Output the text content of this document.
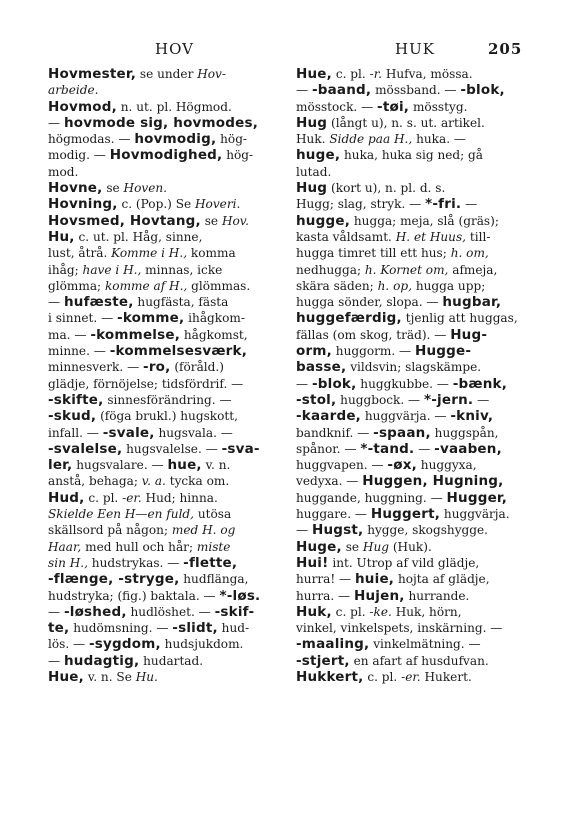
HOV	HUK	205
Hovmester, se under Hov-
arbeide.
Hovmod, n. ut. pl. Högmod.
— hovmode sig, hovmodes,
högmodas. — hovmodig, hög-
modig. — Hovmodighed, hög-
mod.
Hovne, se Hoven.
Hovning, c. (Pop.) Se Hoveri.
Hovsmed, Hovtang, se Hov.
Hu, c. ut. pl. Håg, sinne,
lust, åtrå. Komme i H., komma
ihåg; have i H., minnas, icke
glömma; komme af H., glömmas.
— hufæste, hugfästa, fästa
i sinnet. — -komme, ihågkom-
ma. — -kommelse, hågkomst,
minne. — -kommelsesværk,
minnesverk. — -ro, (föråld.)
glädje, förnöjelse; tidsfördrif. —
-skifte, sinnesförändring. —
-skud, (föga brukl.) hugskott,
infall. — -svale, hugsvala. —
-svalelse, hugsvalelse. — -sva-
ler, hugsvalare. — hue, v. n.
anstå, behaga; v. a. tycka om.
Hud, c. pl. -er. Hud; hinna.
Skielde Een H—en fuld, utösa
skällsord på någon; med H. og
Haar, med hull och hår; miste
sin H., hudstrykas. — -flette,
-flænge, -stryge, hudflänga,
hudstryka; (fig.) baktala. — *-løs.
— -løshed, hudlöshet. — -skif-
te, hudömsning. — -slidt, hud-
lös. — -sygdom, hudsjukdom.
— hudagtig, hudartad.
Hue, v. n. Se Hu.
Hue, c. pl. -r. Hufva, mössa.
— -baand, mössband. — -blok,
mösstock. — -tøi, mösstyg.
Hug (långt u), n. s. ut. artikel.
Huk. Sidde paa H., huka. —
huge, huka, huka sig ned; gå
lutad.
Hug (kort u), n. pl. d. s.
Hugg; slag, stryk. — *-fri. —
hugge, hugga; meja, slå (gräs);
kasta våldsamt. H. et Huus, till-
hugga timret till ett hus; h. om,
nedhugga; h. Kornet om, afmeja,
skära säden; h. op, hugga upp;
hugga sönder, slopa. — hugbar,
huggefærdig, tjenlig att huggas,
fällas (om skog, träd). — Hug-
orm, huggorm. — Hugge-
basse, vildsvin; slagskämpe.
— -blok, huggkubbe. — -bænk,
-stol, huggbock. — *-jern. —
-kaarde, huggvärja. — -kniv,
bandknif. — -spaan, huggspån,
spånor. — *-tand. — -vaaben,
huggvapen. — -øx, huggyxa,
vedyxa. — Huggen, Hugning,
huggande, huggning. — Hugger,
huggare. — Huggert, huggvärja.
— Hugst, hygge, skogshygge.
Huge, se Hug (Huk).
Hui! int. Utrop af vild glädje,
hurra! — huie, hojta af glädje,
hurra. — Hujen, hurrande.
Huk, c. pl. -ke. Huk, hörn,
vinkel, vinkelspets, inskärning. —
-maaling, vinkelmätning. —
-stjert, en afart af husdufvan.
Hukkert, c. pl. -er. Hukert.
